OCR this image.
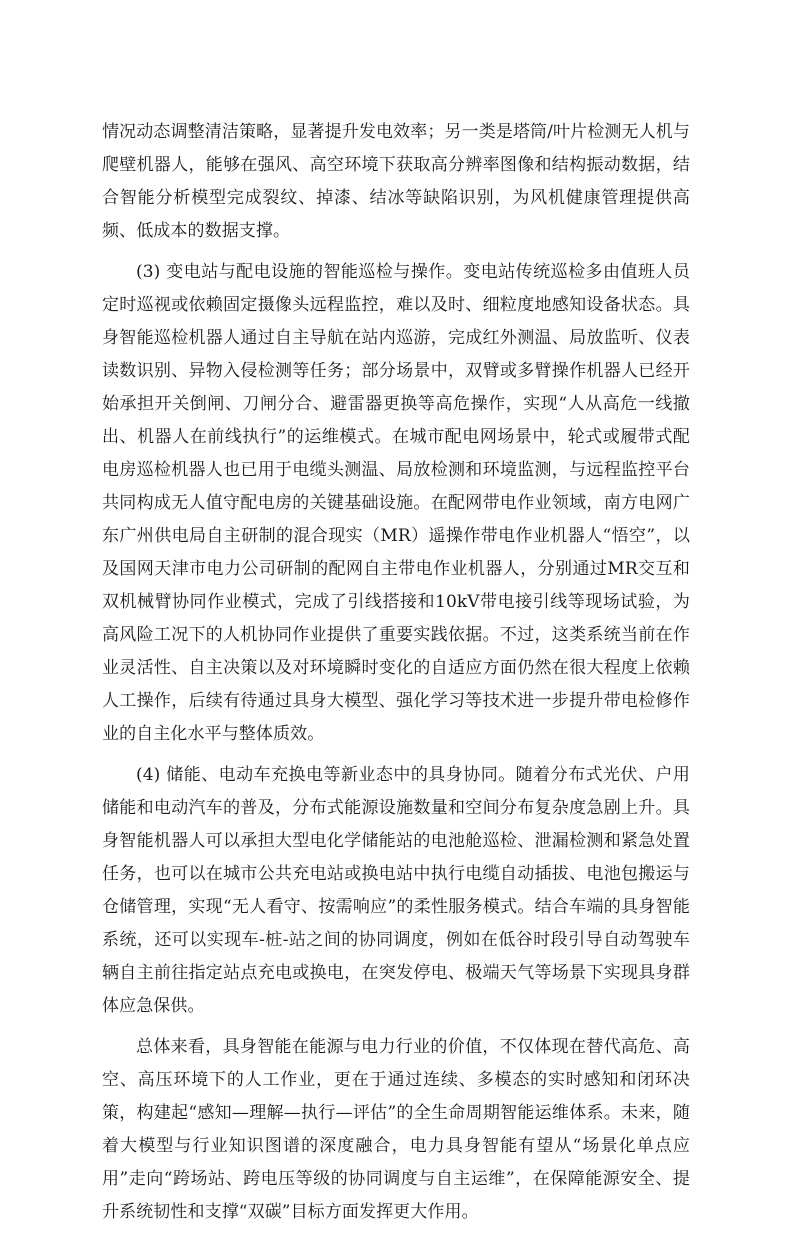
情况动态调整清洁策略，显著提升发电效率；另一类是塔筒/叶片检测无人机与爬壁机器人，能够在强风、高空环境下获取高分辨率图像和结构振动数据，结合智能分析模型完成裂纹、掉漆、结冰等缺陷识别，为风机健康管理提供高频、低成本的数据支撑。

(3) 变电站与配电设施的智能巡检与操作。变电站传统巡检多由值班人员定时巡视或依赖固定摄像头远程监控，难以及时、细粒度地感知设备状态。具身智能巡检机器人通过自主导航在站内巡游，完成红外测温、局放监听、仪表读数识别、异物入侵检测等任务；部分场景中，双臂或多臂操作机器人已经开始承担开关倒闸、刀闸分合、避雷器更换等高危操作，实现“人从高危一线撤出、机器人在前线执行”的运维模式。在城市配电网场景中，轮式或履带式配电房巡检机器人也已用于电缆头测温、局放检测和环境监测，与远程监控平台共同构成无人值守配电房的关键基础设施。在配网带电作业领域，南方电网广东广州供电局自主研制的混合现实（MR）遥操作带电作业机器人“悟空”，以及国网天津市电力公司研制的配网自主带电作业机器人，分别通过MR交互和双机械臂协同作业模式，完成了引线搭接和10kV带电接引线等现场试验，为高风险工况下的人机协同作业提供了重要实践依据。不过，这类系统当前在作业灵活性、自主决策以及对环境瞬时变化的自适应方面仍然在很大程度上依赖人工操作，后续有待通过具身大模型、强化学习等技术进一步提升带电检修作业的自主化水平与整体质效。

(4) 储能、电动车充换电等新业态中的具身协同。随着分布式光伏、户用储能和电动汽车的普及，分布式能源设施数量和空间分布复杂度急剧上升。具身智能机器人可以承担大型电化学储能站的电池舱巡检、泄漏检测和紧急处置任务，也可以在城市公共充电站或换电站中执行电缆自动插拔、电池包搬运与仓储管理，实现“无人看守、按需响应”的柔性服务模式。结合车端的具身智能系统，还可以实现车-桩-站之间的协同调度，例如在低谷时段引导自动驾驶车辆自主前往指定站点充电或换电，在突发停电、极端天气等场景下实现具身群体应急保供。

总体来看，具身智能在能源与电力行业的价值，不仅体现在替代高危、高空、高压环境下的人工作业，更在于通过连续、多模态的实时感知和闭环决策，构建起“感知—理解—执行—评估”的全生命周期智能运维体系。未来，随着大模型与行业知识图谱的深度融合，电力具身智能有望从“场景化单点应用”走向“跨场站、跨电压等级的协同调度与自主运维”，在保障能源安全、提升系统韧性和支撑“双碳”目标方面发挥更大作用。
